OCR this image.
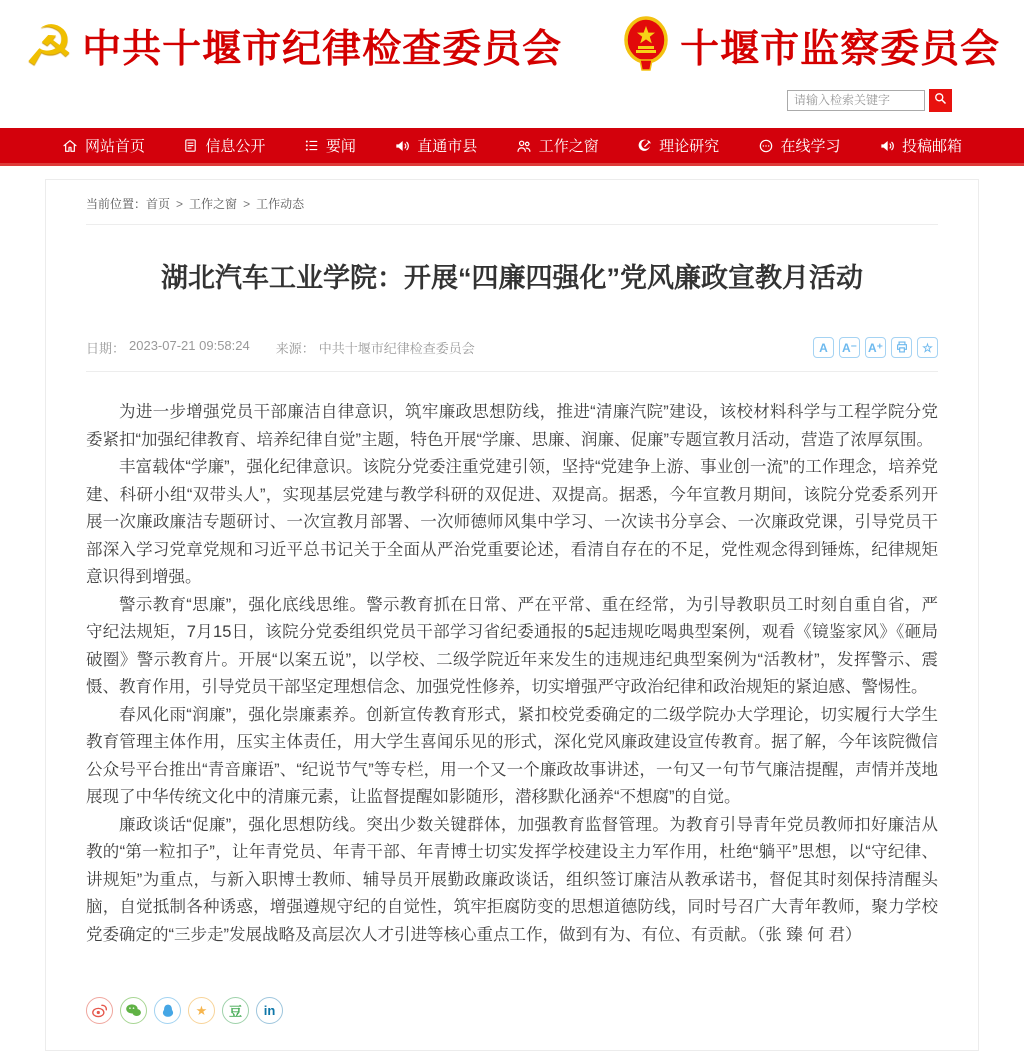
☭ 中共十堰市纪律检查委员会	十堰市监察委员会
请输入检索关键字
网站首页	信息公开	要闻	直通市县	工作之窗	理论研究	在线学习	投稿邮箱
当前位置：首页 > 工作之窗 > 工作动态
湖北汽车工业学院：开展“四廉四强化”党风廉政宣教月活动
日期： 2023-07-21 09:58:24 来源： 中共十堰市纪律检查委员会	A	A⁻ A⁺	☆

为进一步增强党员干部廉洁自律意识，筑牢廉政思想防线，推进“清廉汽院”建设，该校材料科学与工程学院分党委紧扣“加强纪律教育、培养纪律自觉”主题，特色开展“学廉、思廉、润廉、促廉”专题宣教月活动，营造了浓厚氛围。

丰富载体“学廉”，强化纪律意识。该院分党委注重党建引领，坚持“党建争上游、事业创一流”的工作理念，培养党建、科研小组“双带头人”，实现基层党建与教学科研的双促进、双提高。据悉，今年宣教月期间，该院分党委系列开展一次廉政廉洁专题研讨、一次宣教月部署、一次师德师风集中学习、一次读书分享会、一次廉政党课，引导党员干部深入学习党章党规和习近平总书记关于全面从严治党重要论述，看清自存在的不足，党性观念得到锤炼，纪律规矩意识得到增强。

警示教育“思廉”，强化底线思维。警示教育抓在日常、严在平常、重在经常，为引导教职员工时刻自重自省，严守纪法规矩，7月15日，该院分党委组织党员干部学习省纪委通报的5起违规吃喝典型案例，观看《镜鉴家风》《砸局破圈》警示教育片。开展“以案五说”，以学校、二级学院近年来发生的违规违纪典型案例为“活教材”，发挥警示、震慑、教育作用，引导党员干部坚定理想信念、加强党性修养，切实增强严守政治纪律和政治规矩的紧迫感、警惕性。

春风化雨“润廉”，强化崇廉素养。创新宣传教育形式，紧扣校党委确定的二级学院办大学理论，切实履行大学生教育管理主体作用，压实主体责任，用大学生喜闻乐见的形式，深化党风廉政建设宣传教育。据了解，今年该院微信公众号平台推出“青音廉语”、“纪说节气”等专栏，用一个又一个廉政故事讲述，一句又一句节气廉洁提醒，声情并茂地展现了中华传统文化中的清廉元素，让监督提醒如影随形，潜移默化涵养“不想腐”的自觉。

廉政谈话“促廉”，强化思想防线。突出少数关键群体，加强教育监督管理。为教育引导青年党员教师扣好廉洁从教的“第一粒扣子”，让年青党员、年青干部、年青博士切实发挥学校建设主力军作用，杜绝“躺平”思想，以“守纪律、讲规矩”为重点，与新入职博士教师、辅导员开展勤政廉政谈话，组织签订廉洁从教承诺书，督促其时刻保持清醒头脑，自觉抵制各种诱惑，增强遵规守纪的自觉性，筑牢拒腐防变的思想道德防线，同时号召广大青年教师，聚力学校党委确定的“三步走”发展战略及高层次人才引进等核心重点工作，做到有为、有位、有贡献。（张 臻 何 君）

★	豆	in
